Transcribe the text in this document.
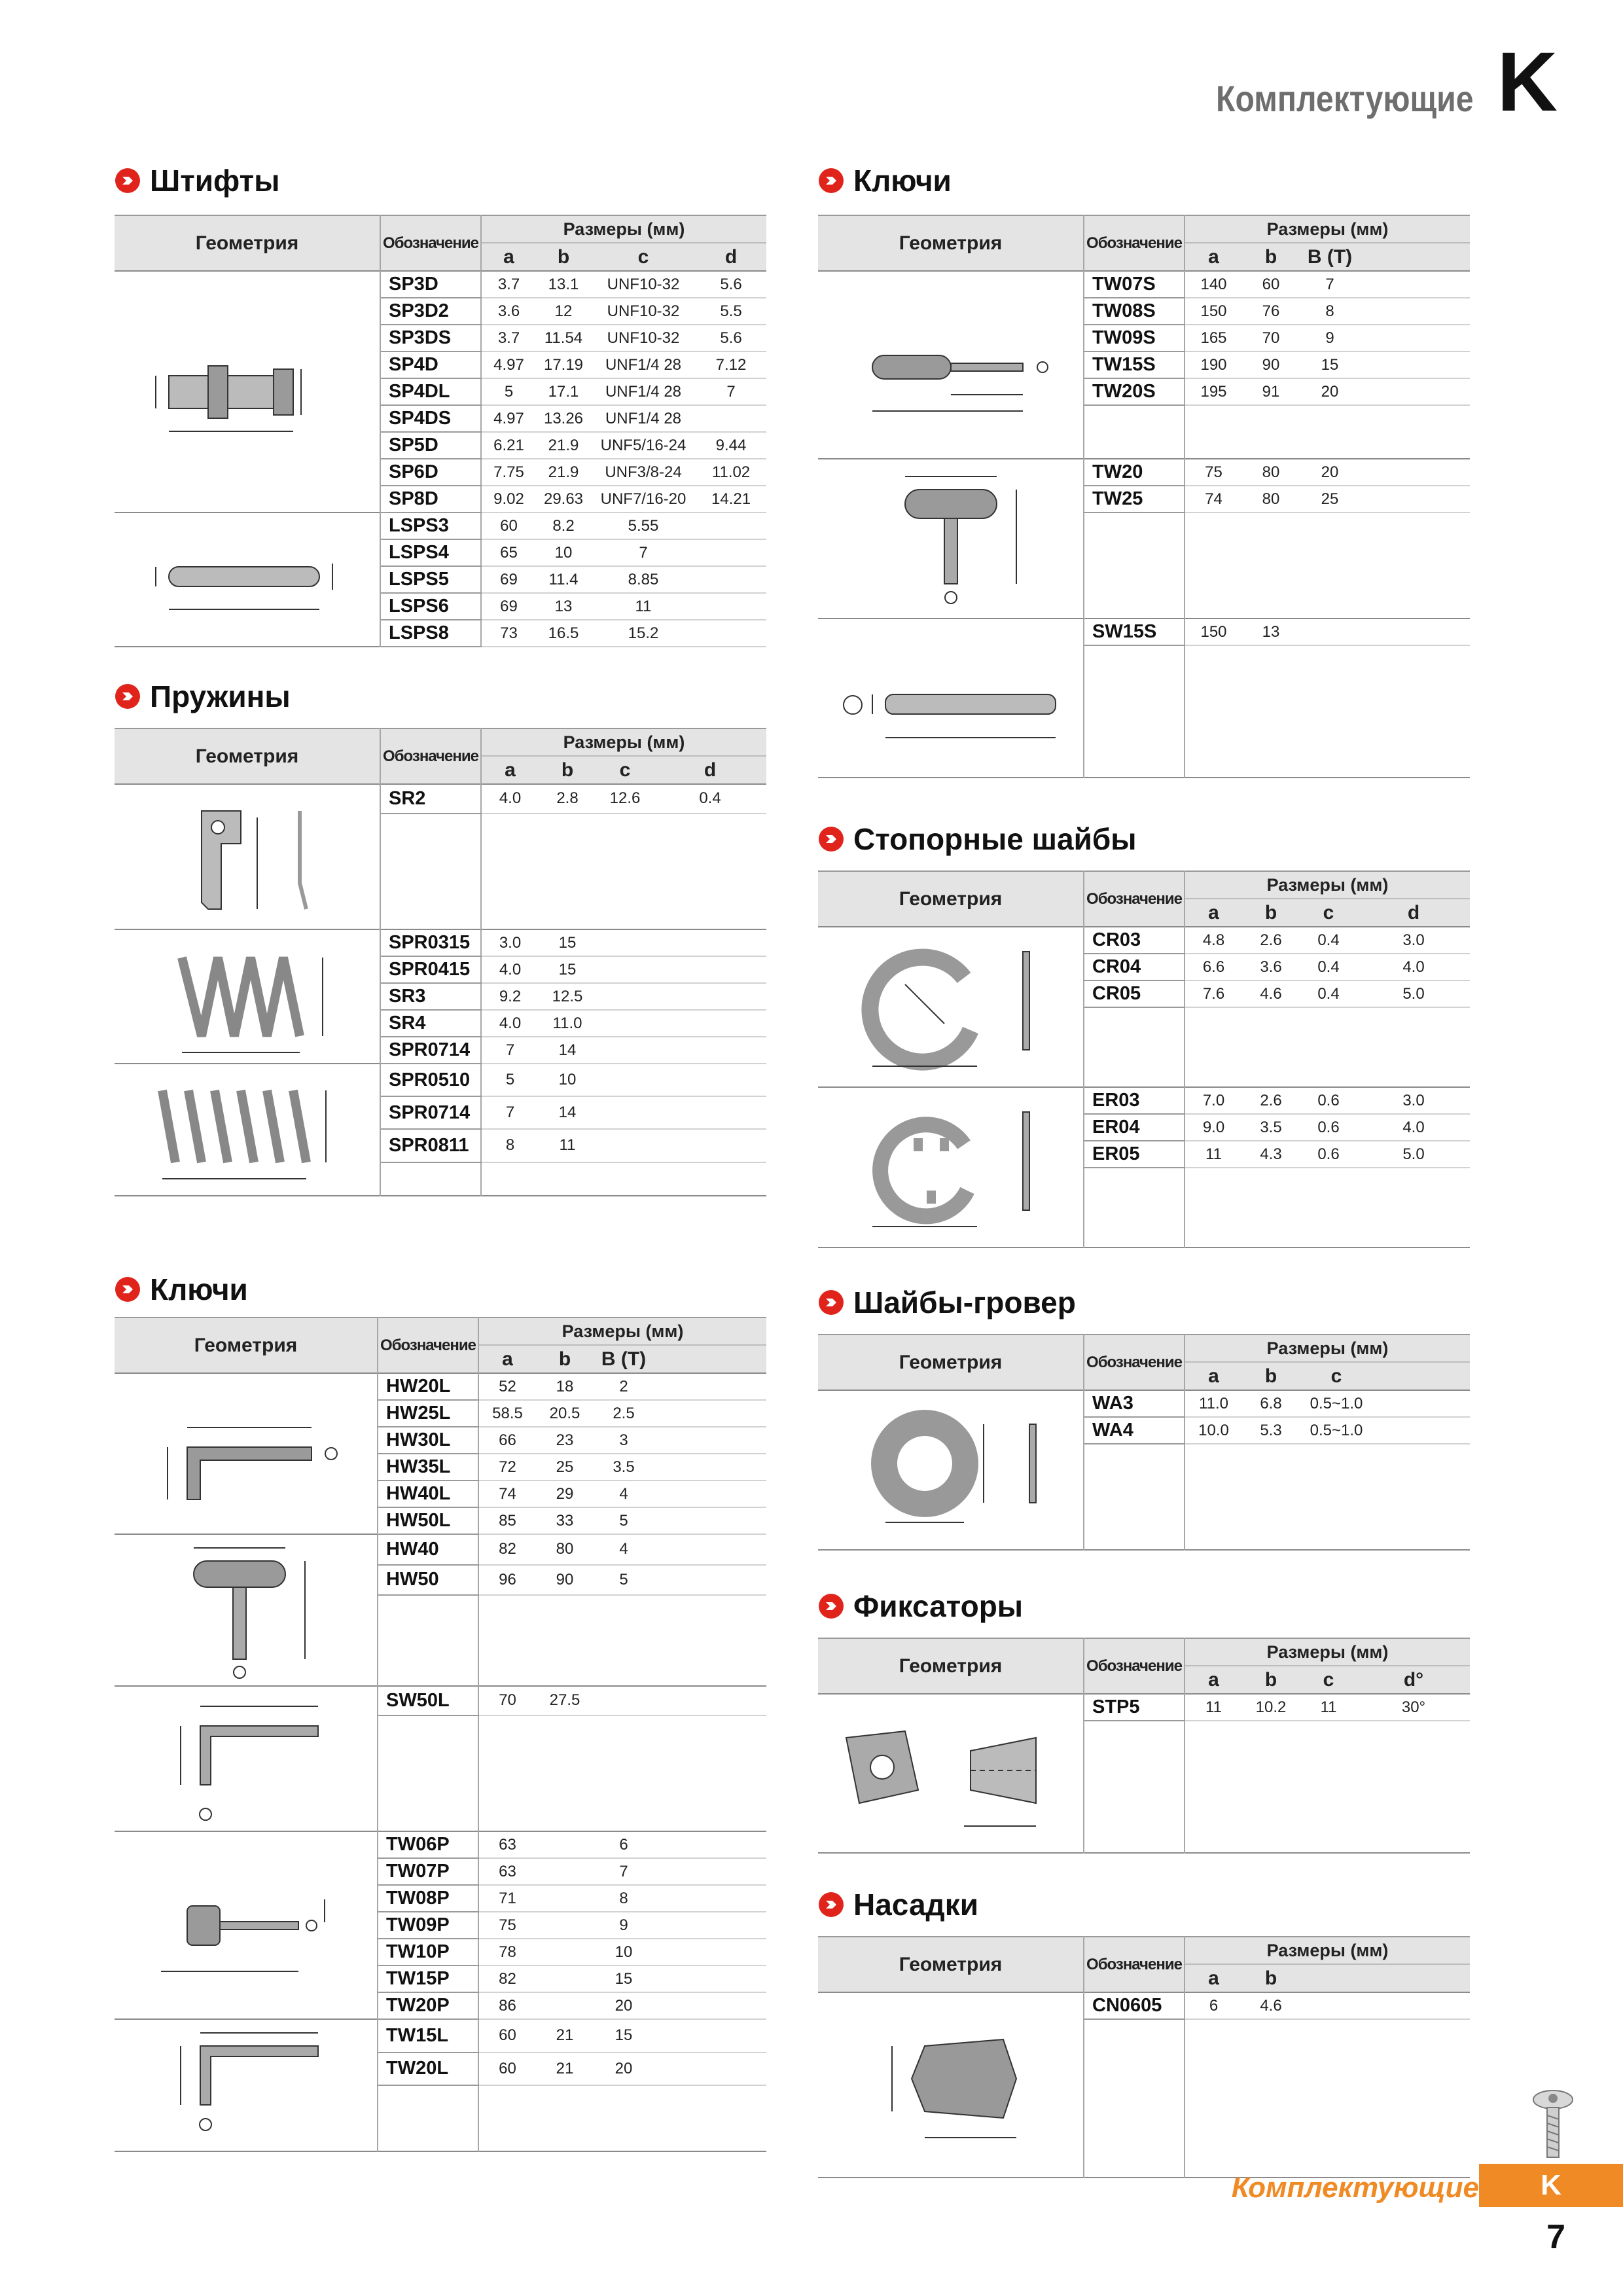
Комплектующие K
Штифты
Геометрия	Обозначение	Размеры (мм)			
		a	b	c	d

	SP3D	3.7	13.1	UNF10-32	5.6
	SP3D2	3.6	12	UNF10-32	5.5
	SP3DS	3.7	11.54	UNF10-32	5.6
	SP4D	4.97	17.19	UNF1/4 28	7.12
	SP4DL	5	17.1	UNF1/4 28	7
	SP4DS	4.97	13.26	UNF1/4 28	
	SP5D	6.21	21.9	UNF5/16-24	9.44
	SP6D	7.75	21.9	UNF3/8-24	11.02
	SP8D	9.02	29.63	UNF7/16-20	14.21

	LSPS3	60	8.2	5.55	
	LSPS4	65	10	7	
	LSPS5	69	11.4	8.85	
	LSPS6	69	13	11	
	LSPS8	73	16.5	15.2	
Пружины
Геометрия	Обозначение	Размеры (мм)			
		a	b	c	d

	SR2	4.0	2.8	12.6	0.4

	SPR0315	3.0	15		
	SPR0415	4.0	15		
	SR3	9.2	12.5		
	SR4	4.0	11.0		
	SPR0714	7	14		

	SPR0510	5	10		
	SPR0714	7	14		
	SPR0811	8	11		

Ключи
Геометрия	Обозначение	Размеры (мм)			
		a	b	B (T)	

	HW20L	52	18	2	
	HW25L	58.5	20.5	2.5	
	HW30L	66	23	3	
	HW35L	72	25	3.5	
	HW40L	74	29	4	
	HW50L	85	33	5	

	HW40	82	80	4	
	HW50	96	90	5	

	SW50L	70	27.5		

	TW06P	63		6	
	TW07P	63		7	
	TW08P	71		8	
	TW09P	75		9	
	TW10P	78		10	
	TW15P	82		15	
	TW20P	86		20	

	TW15L	60	21	15	
	TW20L	60	21	20	

Ключи
Геометрия	Обозначение	Размеры (мм)			
		a	b	B (T)	

	TW07S	140	60	7	
	TW08S	150	76	8	
	TW09S	165	70	9	
	TW15S	190	90	15	
	TW20S	195	91	20	

	TW20	75	80	20	
	TW25	74	80	25	

	SW15S	150	13		

Стопорные шайбы
Геометрия	Обозначение	Размеры (мм)			
		a	b	c	d

	CR03	4.8	2.6	0.4	3.0
	CR04	6.6	3.6	0.4	4.0
	CR05	7.6	4.6	0.4	5.0

	ER03	7.0	2.6	0.6	3.0
	ER04	9.0	3.5	0.6	4.0
	ER05	11	4.3	0.6	5.0

Шайбы-гровер
Геометрия	Обозначение	Размеры (мм)			
		a	b	c	

	WA3	11.0	6.8	0.5~1.0	
	WA4	10.0	5.3	0.5~1.0	

Фиксаторы
Геометрия	Обозначение	Размеры (мм)			
		a	b	c	d°

	STP5	11	10.2	11	30°

Насадки
Геометрия	Обозначение	Размеры (мм)			
		a	b		

	CN0605	6	4.6		

Комплектующие	K
7
